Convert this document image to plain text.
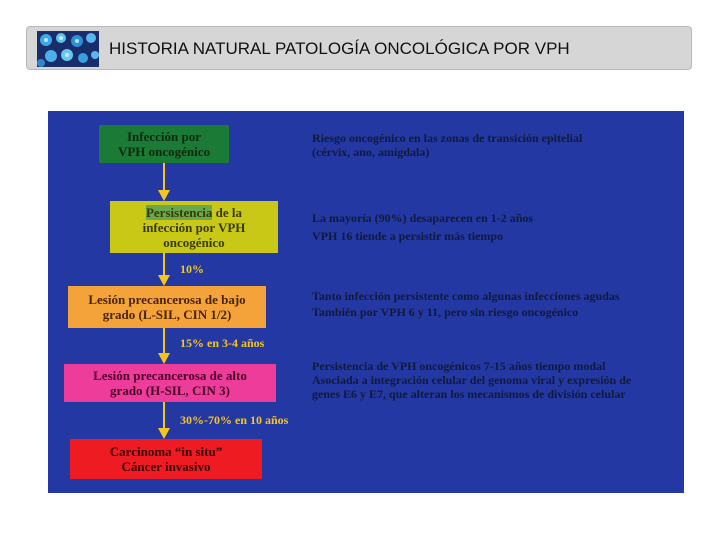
HISTORIA NATURAL PATOLOGÍA ONCOLÓGICA POR VPH
Infección por
VPH oncogénico
Persistencia de la
infección por VPH
oncogénico
Lesión precancerosa de bajo
grado (L-SIL, CIN 1/2)
Lesión precancerosa de alto
grado (H-SIL, CIN 3)
Carcinoma “in situ”
Cáncer invasivo
10%
15% en 3-4 años
30%-70% en 10 años
Riesgo oncogénico en las zonas de transición epitelial
(cérvix, ano, amígdala)
La mayoría (90%) desaparecen en 1-2 años
VPH 16 tiende a persistir más tiempo
Tanto infección persistente como algunas infecciones agudas
También por VPH 6 y 11, pero sin riesgo oncogénico
Persistencia de VPH oncogénicos 7-15 años tiempo modal
Asociada a integración celular del genoma viral y expresión de
genes E6 y E7, que alteran los mecanismos de división celular
